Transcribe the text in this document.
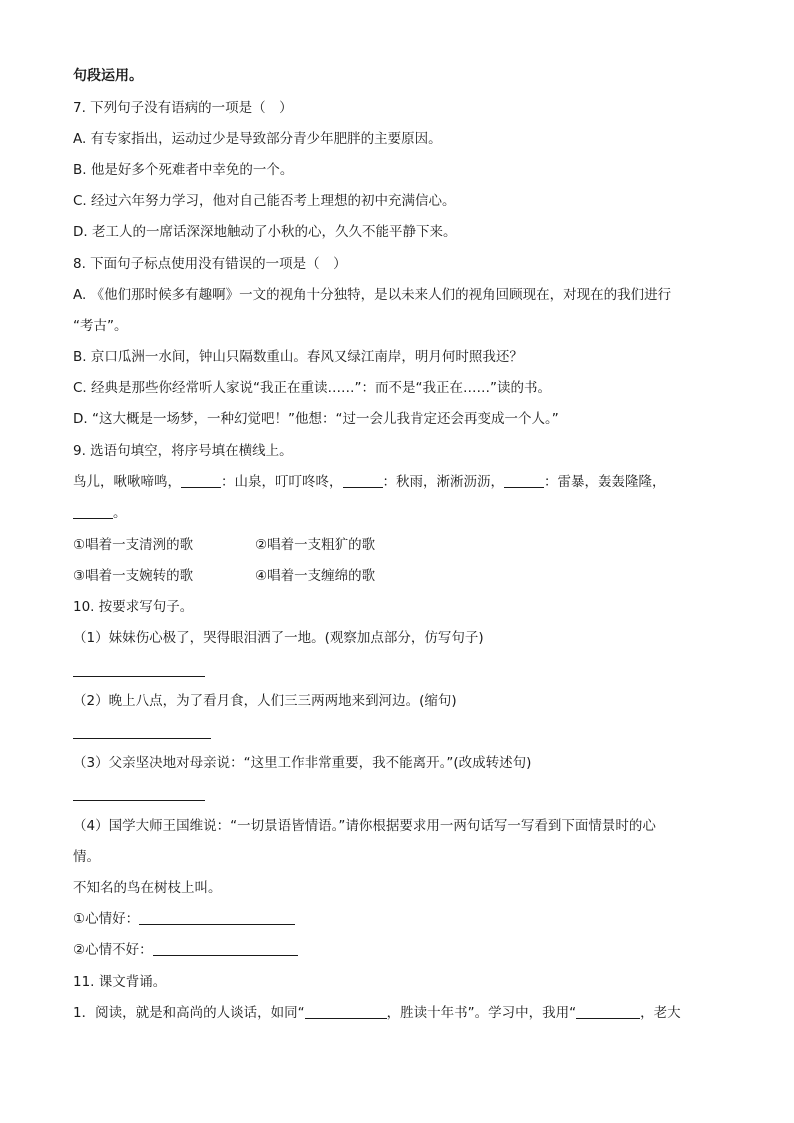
句段运用。
7. 下列句子没有语病的一项是（　）
A. 有专家指出，运动过少是导致部分青少年肥胖的主要原因。
B. 他是好多个死难者中幸免的一个。
C. 经过六年努力学习，他对自己能否考上理想的初中充满信心。
D. 老工人的一席话深深地触动了小秋的心，久久不能平静下来。
8. 下面句子标点使用没有错误的一项是（　）
A. 《他们那时候多有趣啊》一文的视角十分独特，是以未来人们的视角回顾现在，对现在的我们进行
“考古”。
B. 京口瓜洲一水间，钟山只隔数重山。春风又绿江南岸，明月何时照我还？
C. 经典是那些你经常听人家说“我正在重读……”：而不是“我正在……”读的书。
D. “这大概是一场梦，一种幻觉吧！”他想：“过一会儿我肯定还会再变成一个人。”
9. 选语句填空，将序号填在横线上。
鸟儿，啾啾啼鸣，	：山泉，叮叮咚咚，	：秋雨，淅淅沥沥，	：雷暴，轰轰隆隆，
。
①唱着一支清洌的歌	②唱着一支粗犷的歌
③唱着一支婉转的歌	④唱着一支缠绵的歌
10. 按要求写句子。
（1）妹妹伤心极了，哭得眼泪洒了一地。(观察加点部分，仿写句子)
（2）晚上八点，为了看月食，人们三三两两地来到河边。(缩句)
（3）父亲坚决地对母亲说：“这里工作非常重要，我不能离开。”(改成转述句)
（4）国学大师王国维说：“一切景语皆情语。”请你根据要求用一两句话写一写看到下面情景时的心
情。
不知名的鸟在树枝上叫。
①心情好：
②心情不好：
11. 课文背诵。
1．阅读，就是和高尚的人谈话，如同“	，胜读十年书”。学习中，我用“	，老大
